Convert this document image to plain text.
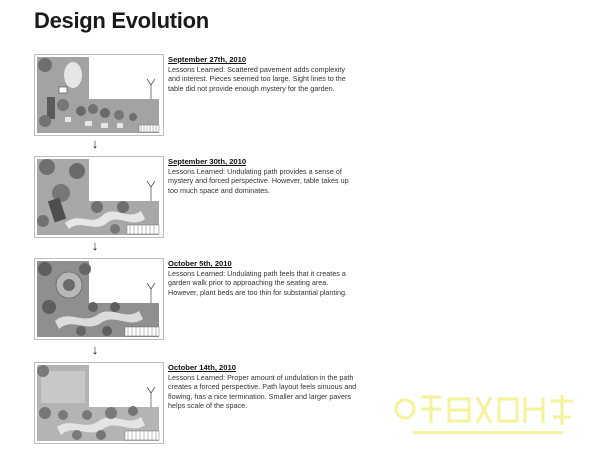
Design Evolution
September 27th, 2010
Lessons Learned: Scattered pavement adds complexity and interest. Pieces seemed too large. Sight lines to the table did not provide enough mystery for the garden.
↓
September 30th, 2010
Lessons Learned: Undulating path provides a sense of mystery and forced perspective. However, table takes up too much space and dominates.
↓
October 5th, 2010
Lessons Learned: Undulating path feels that it creates a garden walk prior to approaching the seating area. However, plant beds are too thin for substantial planting.
↓
October 14th, 2010
Lessons Learned: Proper amount of undulation in the path creates a forced perspective. Path layout feels sinuous and flowing, has a nice termination. Smaller and larger pavers helps scale of the space.
